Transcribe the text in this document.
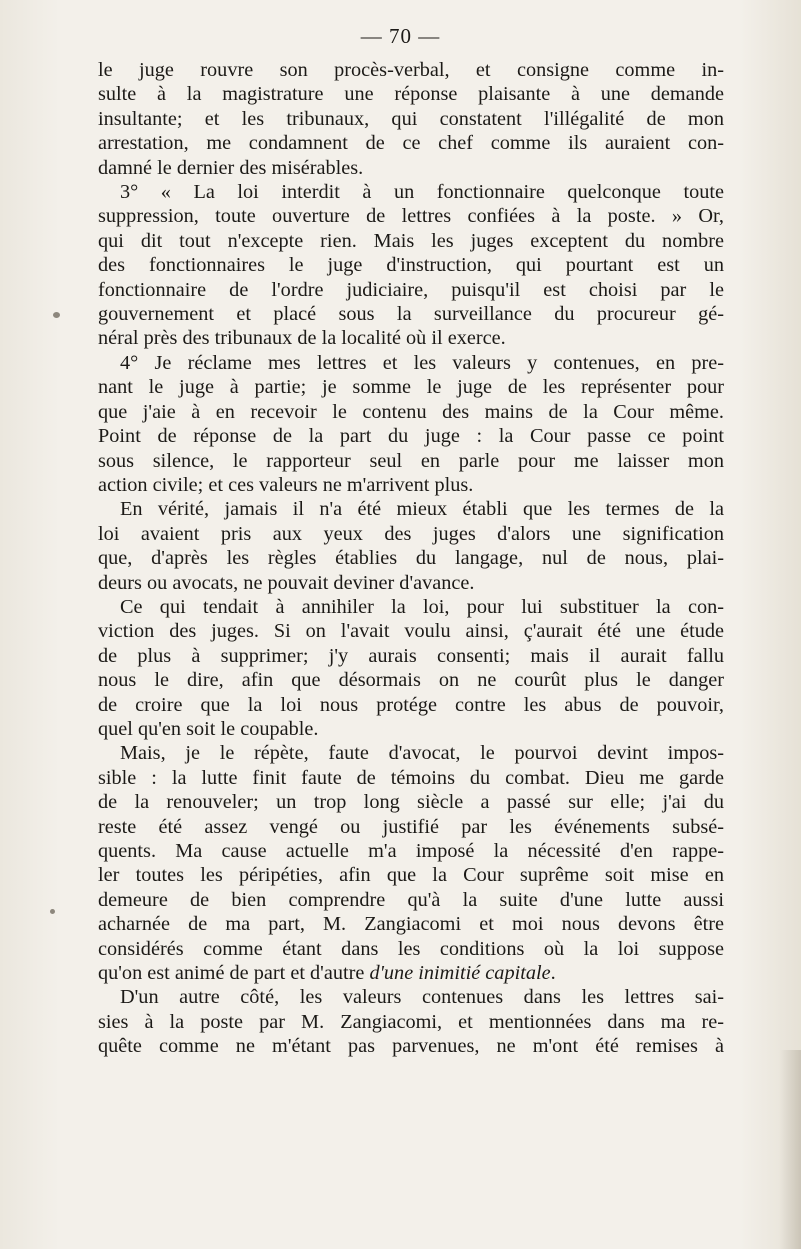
— 70 —
le juge rouvre son procès-verbal, et consigne comme in-
sulte à la magistrature une réponse plaisante à une demande
insultante; et les tribunaux, qui constatent l'illégalité de mon
arrestation, me condamnent de ce chef comme ils auraient con-
damné le dernier des misérables.
3° « La loi interdit à un fonctionnaire quelconque toute
suppression, toute ouverture de lettres confiées à la poste. » Or,
qui dit tout n'excepte rien. Mais les juges exceptent du nombre
des fonctionnaires le juge d'instruction, qui pourtant est un
fonctionnaire de l'ordre judiciaire, puisqu'il est choisi par le
gouvernement et placé sous la surveillance du procureur gé-
néral près des tribunaux de la localité où il exerce.
4° Je réclame mes lettres et les valeurs y contenues, en pre-
nant le juge à partie; je somme le juge de les représenter pour
que j'aie à en recevoir le contenu des mains de la Cour même.
Point de réponse de la part du juge : la Cour passe ce point
sous silence, le rapporteur seul en parle pour me laisser mon
action civile; et ces valeurs ne m'arrivent plus.
En vérité, jamais il n'a été mieux établi que les termes de la
loi avaient pris aux yeux des juges d'alors une signification
que, d'après les règles établies du langage, nul de nous, plai-
deurs ou avocats, ne pouvait deviner d'avance.
Ce qui tendait à annihiler la loi, pour lui substituer la con-
viction des juges. Si on l'avait voulu ainsi, ç'aurait été une étude
de plus à supprimer; j'y aurais consenti; mais il aurait fallu
nous le dire, afin que désormais on ne courût plus le danger
de croire que la loi nous protége contre les abus de pouvoir,
quel qu'en soit le coupable.
Mais, je le répète, faute d'avocat, le pourvoi devint impos-
sible : la lutte finit faute de témoins du combat. Dieu me garde
de la renouveler; un trop long siècle a passé sur elle; j'ai du
reste été assez vengé ou justifié par les événements subsé-
quents. Ma cause actuelle m'a imposé la nécessité d'en rappe-
ler toutes les péripéties, afin que la Cour suprême soit mise en
demeure de bien comprendre qu'à la suite d'une lutte aussi
acharnée de ma part, M. Zangiacomi et moi nous devons être
considérés comme étant dans les conditions où la loi suppose
qu'on est animé de part et d'autre d'une inimitié capitale.
D'un autre côté, les valeurs contenues dans les lettres sai-
sies à la poste par M. Zangiacomi, et mentionnées dans ma re-
quête comme ne m'étant pas parvenues, ne m'ont été remises à
